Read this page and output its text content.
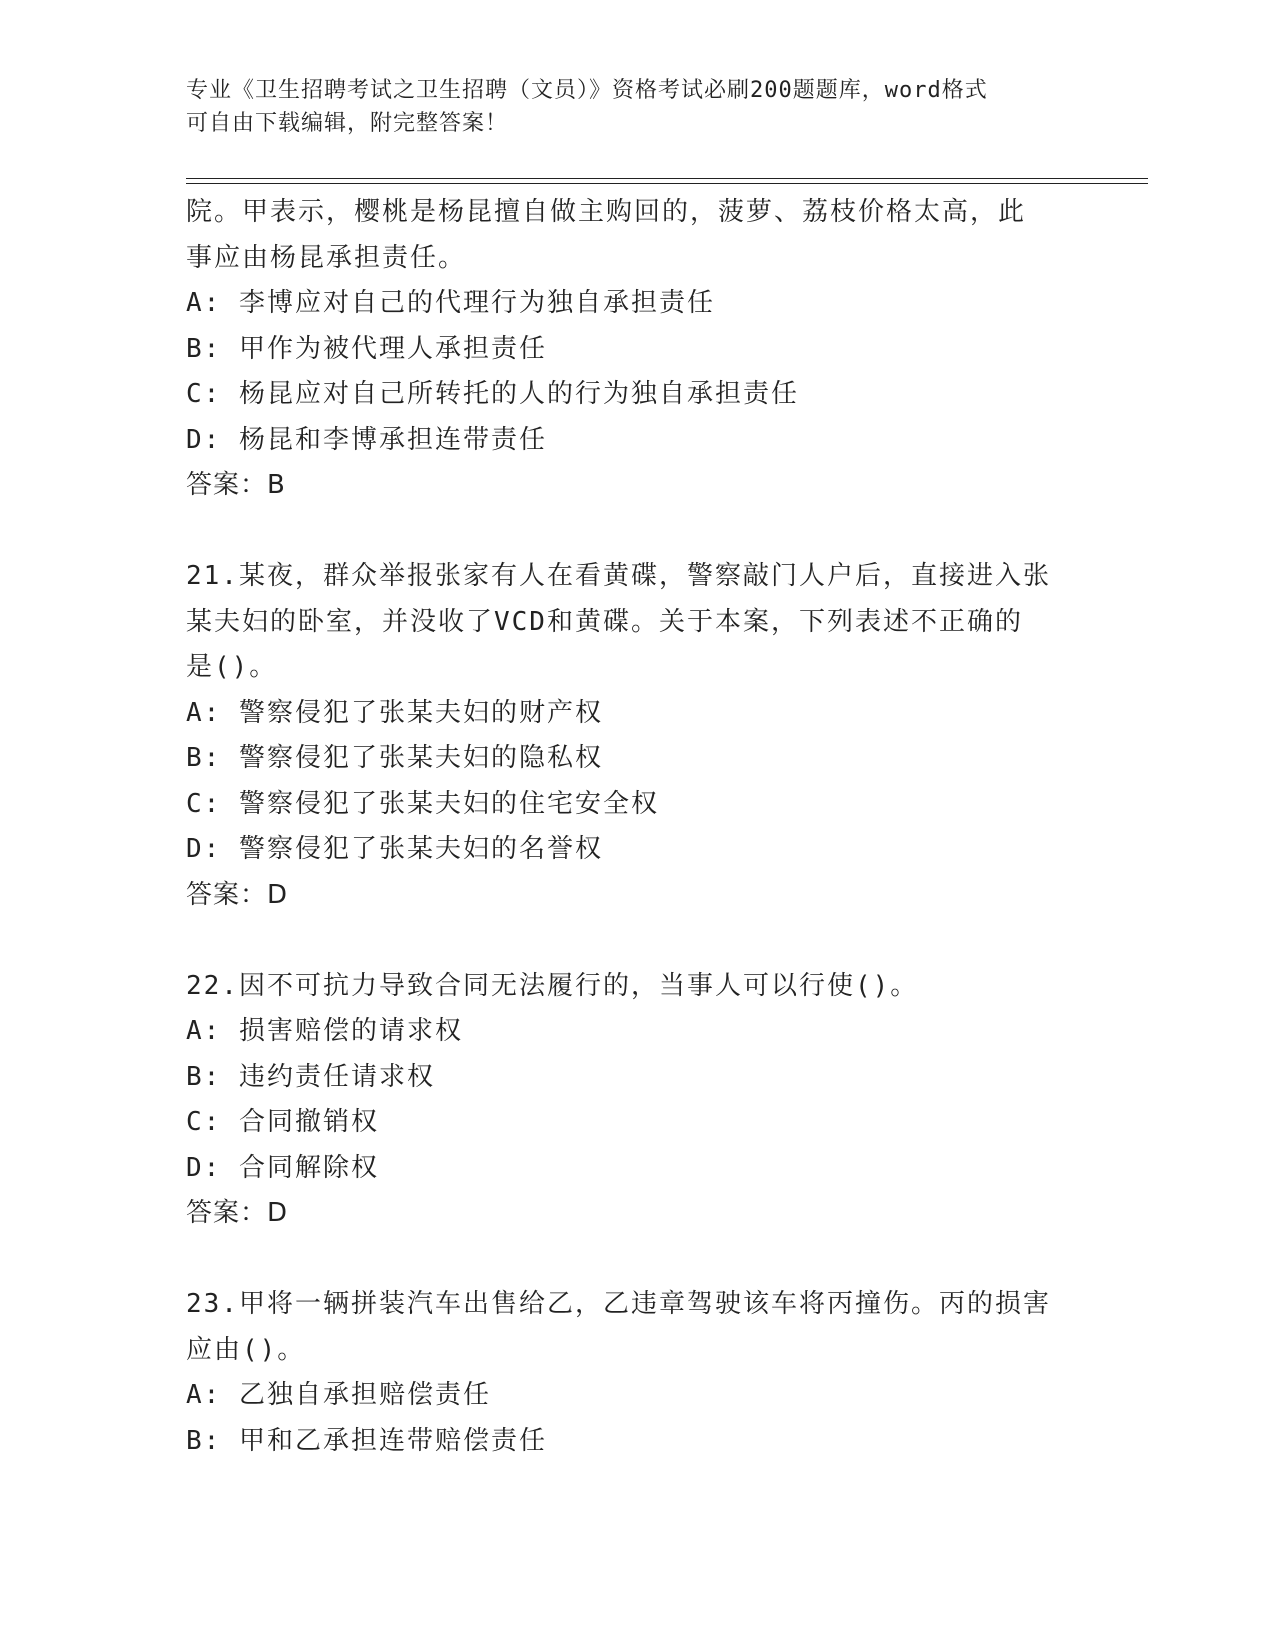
专业《卫生招聘考试之卫生招聘（文员）》资格考试必刷200题题库，word格式
可自由下载编辑，附完整答案！
院。甲表示，樱桃是杨昆擅自做主购回的，菠萝、荔枝价格太高，此
事应由杨昆承担责任。
A: 李博应对自己的代理行为独自承担责任
B: 甲作为被代理人承担责任
C: 杨昆应对自己所转托的人的行为独自承担责任
D: 杨昆和李博承担连带责任
答案：B
21.某夜，群众举报张家有人在看黄碟，警察敲门人户后，直接进入张
某夫妇的卧室，并没收了VCD和黄碟。关于本案，下列表述不正确的
是()。
A: 警察侵犯了张某夫妇的财产权
B: 警察侵犯了张某夫妇的隐私权
C: 警察侵犯了张某夫妇的住宅安全权
D: 警察侵犯了张某夫妇的名誉权
答案：D
22.因不可抗力导致合同无法履行的，当事人可以行使()。
A: 损害赔偿的请求权
B: 违约责任请求权
C: 合同撤销权
D: 合同解除权
答案：D
23.甲将一辆拼装汽车出售给乙，乙违章驾驶该车将丙撞伤。丙的损害
应由()。
A: 乙独自承担赔偿责任
B: 甲和乙承担连带赔偿责任
